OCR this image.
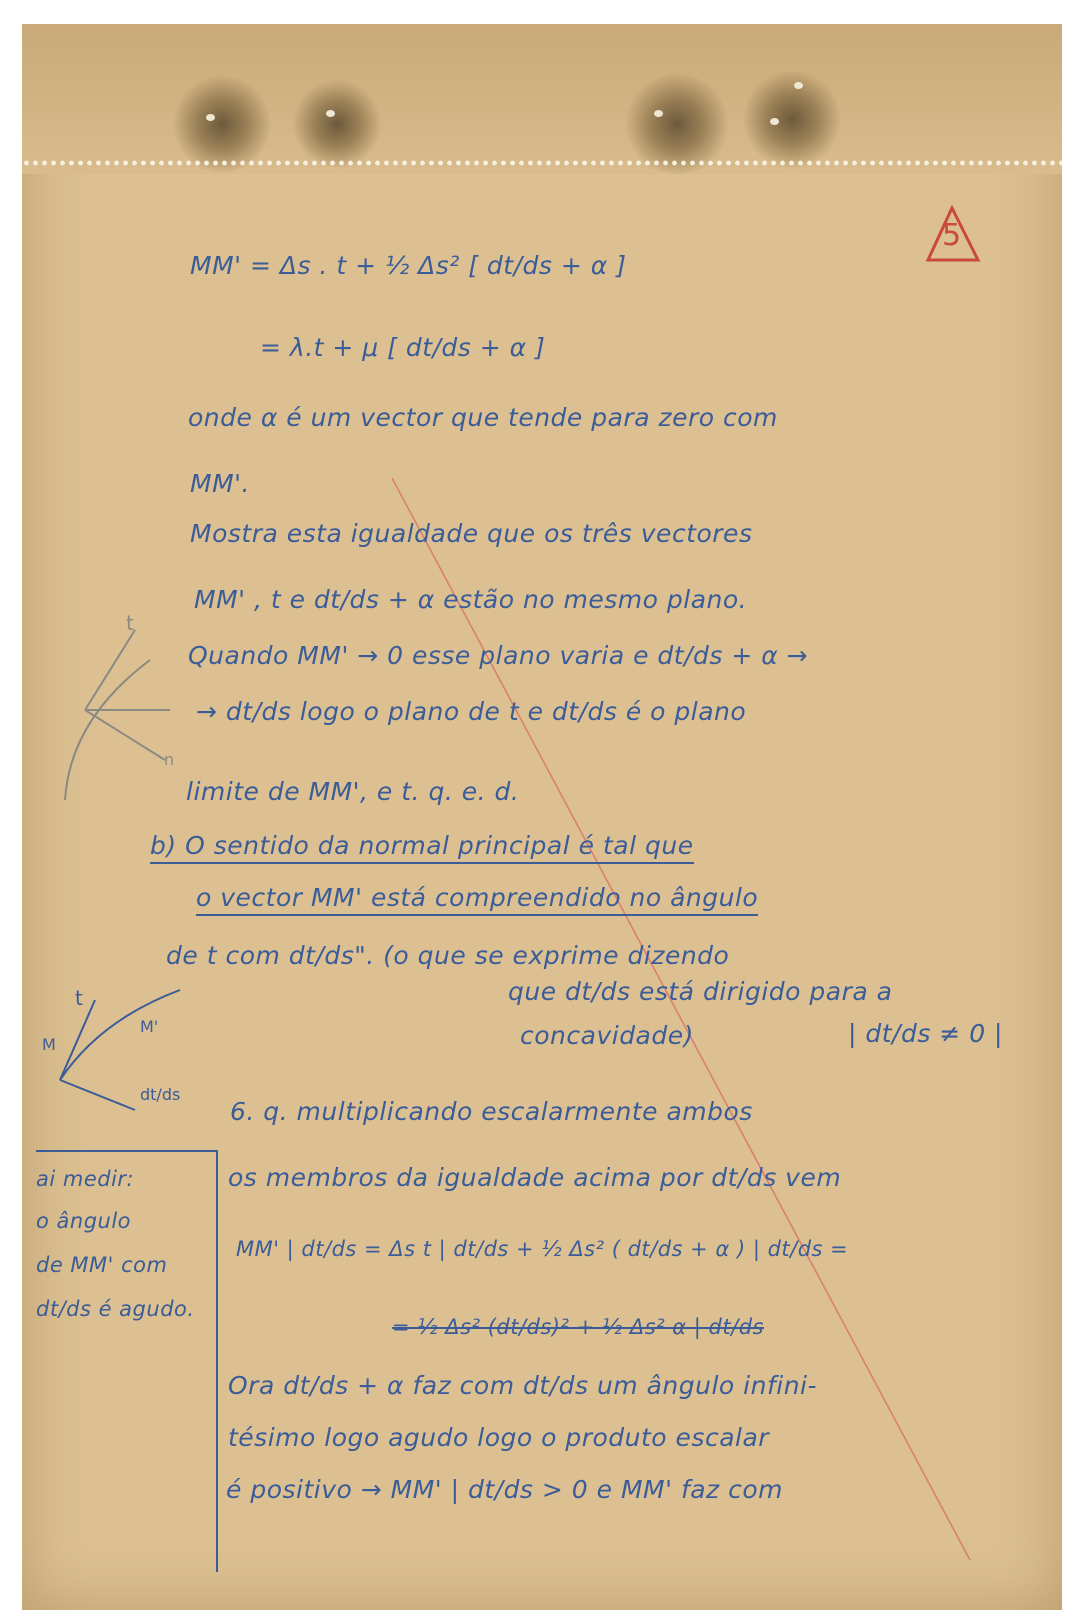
5
MM' = Δs . t + ½ Δs² [ dt/ds + α ]
= λ.t + μ [ dt/ds + α ]
onde α é um vector que tende para zero com
MM'.
Mostra esta igualdade que os três vectores
MM' , t e dt/ds + α estão no mesmo plano.
Quando MM' → 0 esse plano varia e dt/ds + α →
→ dt/ds logo o plano de t e dt/ds é o plano
limite de MM', e t. q. e. d.
b) O sentido da normal principal é tal que
o vector MM' está compreendido no ângulo
de t com dt/ds". (o que se exprime dizendo
que dt/ds está dirigido para a
concavidade)	| dt/ds ≠ 0 |
6. q. multiplicando escalarmente ambos
os membros da igualdade acima por dt/ds vem
MM' | dt/ds = Δs t | dt/ds + ½ Δs² ( dt/ds + α ) | dt/ds =
= ½ Δs² (dt/ds)² + ½ Δs² α | dt/ds
Ora dt/ds + α faz com dt/ds um ângulo infini-
tésimo logo agudo logo o produto escalar
é positivo → MM' | dt/ds > 0 e MM' faz com
ai medir:
o ângulo
de MM' com
dt/ds é agudo.
t
n
t
M
M'
dt/ds
